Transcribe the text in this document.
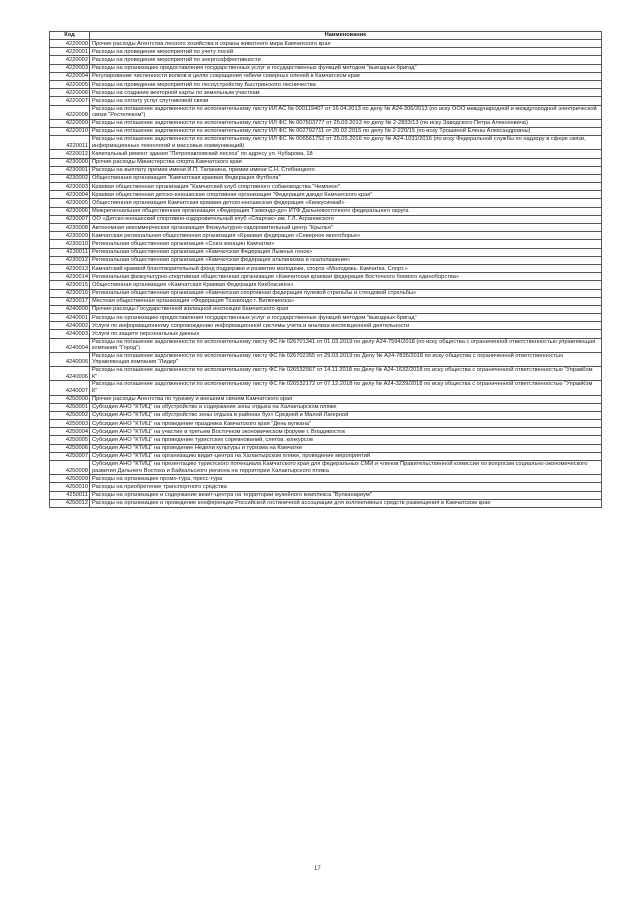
Код	Наименование
4220000	Прочие расходы Агентства лесного хозяйства и охраны животного мира Камчатского края
4220001	Расходы на проведение мероприятий по учету лосей
4220002	Расходы на проведение мероприятий по энергоэффективности
4220003	Расходы на организацию предоставления государственных услуг и государственных функций методом "выездных бригад"
4220004	Регулирование численности волков в целях сокращения гибели северных оленей в Камчатском крае
4220005	Расходы на проведение мероприятий по лесоустройству Быстринского лесничества
4220006	Расходы на создание векторной карты по земельным участкам
4220007	Расходы на оплату услуг спутниковой связи
4220008	Расходы на погашение задолженности по исполнительному листу ИЛ АС № 000119407 от 16.04.2013 по делу № А24-306/2013 (по иску ООО международной и междугородной электрической связи "Ростелеком")
4220009	Расходы на погашение задолженности по исполнительному листу ИЛ ФС № 007503777 от 25.03.2013 по делу № 2-2833/13 (по иску Заводского Петра Алексеевича)
4220010	Расходы на погашение задолженности по исполнительному листу ИЛ ФС № 002792711 от 20.02.2015 по делу № 2-220/15 (по иску Трошиной Елены Александровны)
4220011	Расходы на погашение задолженности по исполнительному листу ИЛ ФС № 006561752 от 25.05.2016 по делу № А24-1031/2016 (по иску Федеральной службы по надзору в сфере связи, информационных технологий и массовых коммуникаций)
4220012	Капитальный ремонт здания "Петропавловский лесхоз" по адресу ул. Чубарова, 18
4230000	Прочие расходы Министерства спорта Камчатского края
4230001	Расходы на выплату премии имени И.П. Таланина, премии имени С.Н. Стебницкого
4230002	Общественная организация "Камчатская краевая Федерация Футбола"
4230003	Краевая общественная организация "Камчатский клуб спортивного собаководства "Чемпион"
4230004	Краевая общественная детско-юношеская спортивная организация "Федерация дзюдо Камчатского края"
4230005	Общественная организация Камчатская краевая детско-юношеская федерация «Киокусинкай»
4230006	Межрегиональная общественная организация «Федерация Тэквондо-до» ИТФ Дальневосточного федерального округа
4230007	ОО «Детско-юношеский спортивно-оздоровительный клуб «Спартак» им. Г.Л. Аграновского
4230008	Автономная некоммерческая организация Физкультурно-оздоровительный центр "Крылья"
4230009	Камчатская региональная общественная организация «Краевая федерация «Северное многоборье»
4230010	Региональная общественная организация «Союз женщин Камчатки»
4230011	Региональная общественная организация «Камчатская Федерация Лыжных гонок»
4230012	Региональная общественная организация «Камчатская федерация альпинизма и скалолазания»
4230013	Камчатский краевой благотворительный фонд поддержки и развития молодежи, спорта «Молодежь. Камчатка. Спорт.»
4230014	Региональная физкультурно-спортивная общественная организация «Камчатская краевая федерация Восточного боевого единоборства»
4230015	Общественная организация «Камчатская Краевая Федерация Кикбоксинга»
4230016	Региональная общественная организация «Камчатская спортивная федерация пулевой стрельбы и стендовой стрельбы»
4230017	Местная общественная организация «Федерация Тхэквондо г. Вилючинска»
4240000	Прочие расходы Государственной жилищной инспекции Камчатского края
4240001	Расходы на организацию предоставления государственных услуг и государственных функций методом "выездных бригад"
4240002	Услуги по информационному сопровождению информационной системы учета и анализа инспекционной деятельности
4240003	Услуги по защите персональных данных
4240004	Расходы на погашение задолженности по исполнительному листу ФС № 026701341 от 01.03.2019 по делу А24-7594/2018 (по иску общества с ограниченной ответственностью управляющая компания "Город")
4240005	Расходы на погашение задолженности по исполнительному листу ФС № 026702355 от 29.03.2019 по Делу № А24-7835/2018 по иску общества с ограниченной ответственностью Управляющая компания "Лидер"
4240006	Расходы на погашение задолженности по исполнительному листу ФС № 026532567 от 14.11.2018 по Делу № А24-1632/2018 по иску общества с ограниченной ответственностью "УправКом К"
4240007	Расходы на погашение задолженности по исполнительному листу ФС № 026532172 от 07.12.2018 по делу № А24-3239/2018 по иску общества с ограниченной ответственностью "УправКом К"
4250000	Прочие расходы Агентства по туризму и внешним связям Камчатского края
4250001	Субсидия АНО "КТИЦ" на обустройство и содержание зоны отдыха на Халактырском пляже
4250002	Субсидия АНО "КТИЦ" на обустройство зоны отдыха в районах бухт Средней и Малой Лагерной
4250003	Субсидия АНО "КТИЦ" на проведение праздника Камчатского края "День вулкана"
4250004	Субсидия АНО "КТИЦ" на участие в третьем Восточном экономическом форуме г. Владивосток
4250005	Субсидия АНО "КТИЦ" на проведение туристских соревнований, слетов, конкурсов
4250006	Субсидия АНО "КТИЦ" на проведение Недели культуры и туризма на Камчатке
4250007	Субсидия АНО "КТИЦ" на организацию видит-центра на Халактырском пляже, проведение мероприятий
4250008	Субсидия АНО "КТИЦ" на презентацию туристского потенциала Камчатского края для федеральных СМИ и членов Правительственной комиссии по вопросам социально-экономического развития Дальнего Востока и Байкальского региона на территории Халактырского пляжа
4250009	Расходы на организацию промо-тура, пресс-тура
4250010	Расходы на приобретение транспортного средства
4250011	Расходы на организацию и содержание визит-центра на территории музейного комплекса "Вулканариум"
4250012	Расходы на организацию и проведение конференции Российской гостиничной ассоциации для коллективных средств размещения в Камчатском крае
17
